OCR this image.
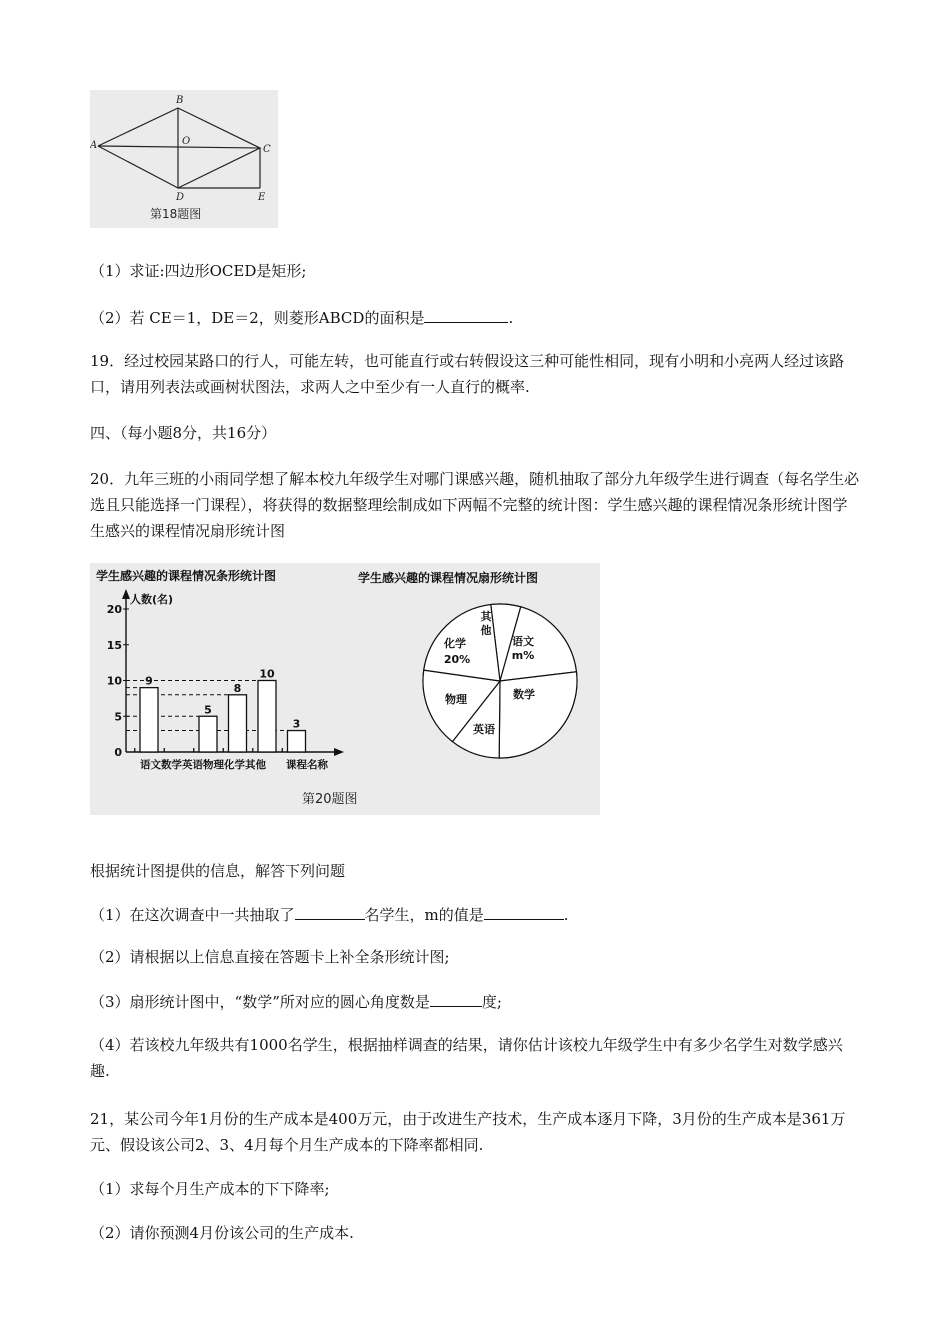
A
B
C
D	E
O
第18题图
（1）求证:四边形OCED是矩形;
（2）若 CE＝1，DE＝2，则菱形ABCD的面积是	.
19．经过校园某路口的行人，可能左转，也可能直行或右转假设这三种可能性相同，现有小明和小亮两人经过该路口，请用列表法或画树状图法，求两人之中至少有一人直行的概率.
四、（每小题8分，共16分）
20．九年三班的小雨同学想了解本校九年级学生对哪门课感兴趣，随机抽取了部分九年级学生进行调查（每名学生必选且只能选择一门课程），将获得的数据整理绘制成如下两幅不完整的统计图：学生感兴趣的课程情况条形统计图学生感兴的课程情况扇形统计图
学生感兴趣的课程情况条形统计图	学生感兴趣的课程情况扇形统计图
人数(名)
0
5
10
15
20
9
5
8
10
3
语文数学英语物理化学其他 课程名称
其
他
语文
m%
化学
20%
数学
物理
英语
第20题图
根据统计图提供的信息，解答下列问题
（1）在这次调查中一共抽取了	名学生，m的值是	.
（2）请根据以上信息直接在答题卡上补全条形统计图;
（3）扇形统计图中，“数学”所对应的圆心角度数是	度;
（4）若该校九年级共有1000名学生，根据抽样调查的结果，请你估计该校九年级学生中有多少名学生对数学感兴趣.
21，某公司今年1月份的生产成本是400万元，由于改进生产技术，生产成本逐月下降，3月份的生产成本是361万元、假设该公司2、3、4月每个月生产成本的下降率都相同.
（1）求每个月生产成本的下下降率;
（2）请你预测4月份该公司的生产成本.
